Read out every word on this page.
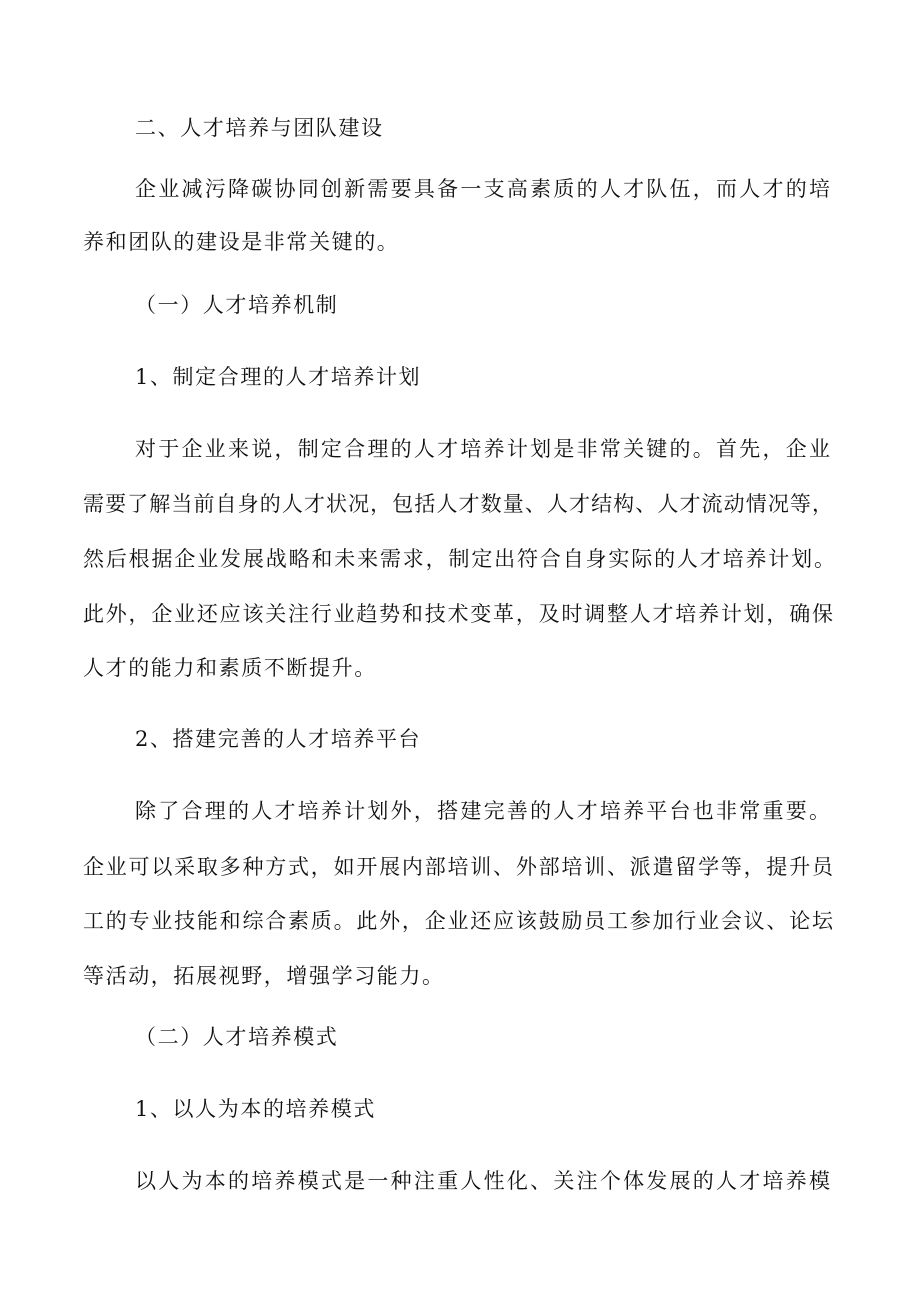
二、人才培养与团队建设
企业减污降碳协同创新需要具备一支高素质的人才队伍，而人才的培
养和团队的建设是非常关键的。
（一）人才培养机制
1、制定合理的人才培养计划
对于企业来说，制定合理的人才培养计划是非常关键的。首先，企业
需要了解当前自身的人才状况，包括人才数量、人才结构、人才流动情况等，
然后根据企业发展战略和未来需求，制定出符合自身实际的人才培养计划。
此外，企业还应该关注行业趋势和技术变革，及时调整人才培养计划，确保
人才的能力和素质不断提升。
2、搭建完善的人才培养平台
除了合理的人才培养计划外，搭建完善的人才培养平台也非常重要。
企业可以采取多种方式，如开展内部培训、外部培训、派遣留学等，提升员
工的专业技能和综合素质。此外，企业还应该鼓励员工参加行业会议、论坛
等活动，拓展视野，增强学习能力。
（二）人才培养模式
1、以人为本的培养模式
以人为本的培养模式是一种注重人性化、关注个体发展的人才培养模
